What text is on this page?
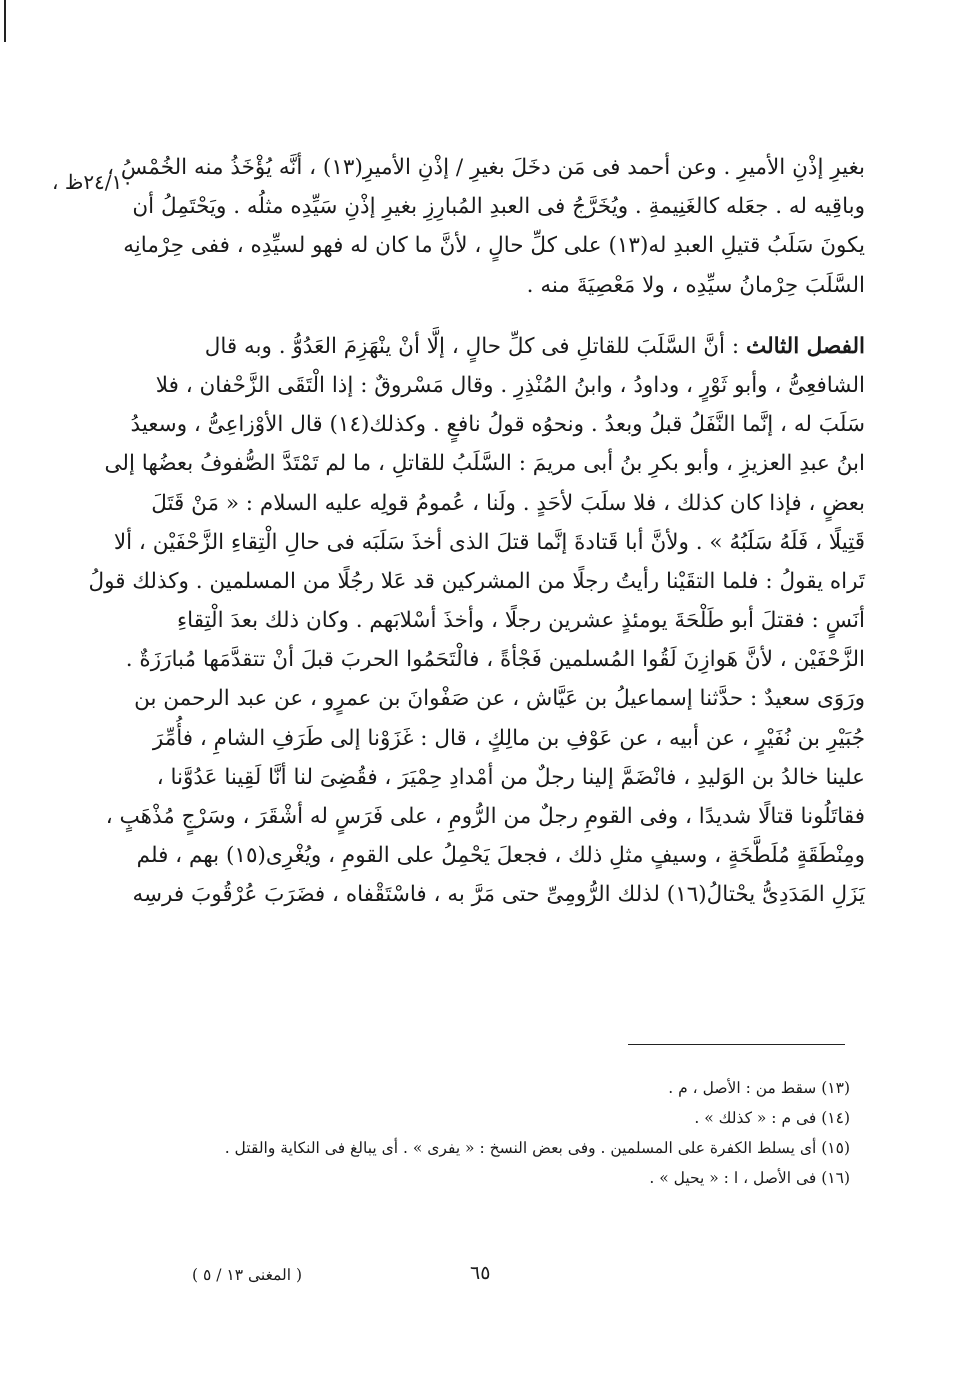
٢٤/١٠ظ ،
بغيرِ إذْنِ الأميرِ . وعن أحمد فى مَن دخَلَ بغيرِ / إذْنِ الأميرِ(١٣) ، أنَّه يُؤْخَذُ منه الخُمْسُ ،
وباقِيه له . جعَله كالغَنِيمةِ . ويُخَرَّجُ فى العبدِ المُبارِزِ بغيرِ إذْنِ سَيِّدِه مثلُه . ويَحْتَمِلُ أن
يكونَ سَلَبُ قتيلِ العبدِ له(١٣) على كلِّ حالٍ ، لأنَّ ما كان له فهو لسيِّدِه ، ففى حِرْمانِه
السَّلَبَ حِرْمانُ سيِّدِه ، ولا مَعْصِيَةَ منه .
الفصل الثالث : أنَّ السَّلَبَ للقاتلِ فى كلِّ حالٍ ، إلَّا أنْ ينْهَزِمَ العَدُوُّ . وبه قال
الشافعِىُّ ، وأبو ثَوْرٍ ، وداودُ ، وابنُ المُنْذِرِ . وقال مَسْروقٌ : إذا الْتَقَى الزَّحْفان ، فلا
سَلَبَ له ، إنَّما النَّفَلُ قبلُ وبعدُ . ونحوُه قولُ نافعٍ . وكذلك(١٤) قال الأوْزاعِىُّ ، وسعيدُ
ابنُ عبدِ العزيزِ ، وأبو بكرِ بنُ أبى مريمَ : السَّلَبُ للقاتلِ ، ما لم تَمْتَدَّ الصُّفوفُ بعضُها إلى
بعضٍ ، فإذا كان كذلك ، فلا سلَبَ لأحَدٍ . ولَنا ، عُمومُ قولِه عليه السلام : « مَنْ قَتَلَ
قَتِيلًا ، فَلَهُ سَلَبُهُ » . ولأنَّ أبا قَتادةَ إنَّما قتلَ الذى أخذَ سَلَبَه فى حالِ الْتِقاءِ الزَّحْفَيْن ، ألا
تَراه يقولُ : فلما التقَيْنا رأيتُ رجلًا من المشركين قد عَلا رجُلًا من المسلمين . وكذلك قولُ
أنَسٍ : فقتلَ أبو طَلْحَةَ يومئذٍ عشرين رجلًا ، وأخذَ أسْلابَهم . وكان ذلك بعدَ الْتِقاءِ
الزَّحْفَيْن ، لأنَّ هَوازِنَ لَقُوا المُسلمين فَجْأةً ، فالْتَحَمُوا الحربَ قبلَ أنْ تتقدَّمَها مُبارَزَةٌ .
ورَوَى سعيدٌ : حدَّثنا إسماعيلُ بن عَيَّاش ، عن صَفْوانَ بن عمرٍو ، عن عبد الرحمن بن
جُبَيْرِ بن نُفَيْرٍ ، عن أبيه ، عن عَوْفِ بن مالِكٍ ، قال : غَزَوْنا إلى طَرَفِ الشامِ ، فأُمِّرَ
علينا خالدُ بن الوَليدِ ، فانْضَمَّ إلينا رجلٌ من أمْدادِ حِمْيَرَ ، فقُضِىَ لنا أنَّا لَقِينا عَدُوَّنا ،
فقاتَلُونا قتالًا شديدًا ، وفى القومِ رجلٌ من الرُّومِ ، على فَرَسٍ له أشْقَرَ ، وسَرْجٍ مُذْهَبٍ ،
ومِنْطَقَةٍ مُلَطَّخَةٍ ، وسيفٍ مثلِ ذلك ، فجعلَ يَحْمِلُ على القومِ ، ويُغْرِى(١٥) بهم ، فلم
يَزَلِ المَدَدِىُّ يحْتالُ(١٦) لذلك الرُّومِىِّ حتى مَرَّ به ، فاسْتَقْفاه ، فضَرَبَ عُرْقُوبَ فرسِه
(١٣) سقط من : الأصل ، م .
(١٤) فى م : « كذلك » .
(١٥) أى يسلط الكفرة على المسلمين . وفى بعض النسخ : « يفرى » . أى يبالغ فى النكاية والقتل .
(١٦) فى الأصل ، ا : « يحيل » .
٦٥
( المغنى ١٣ / ٥ )
